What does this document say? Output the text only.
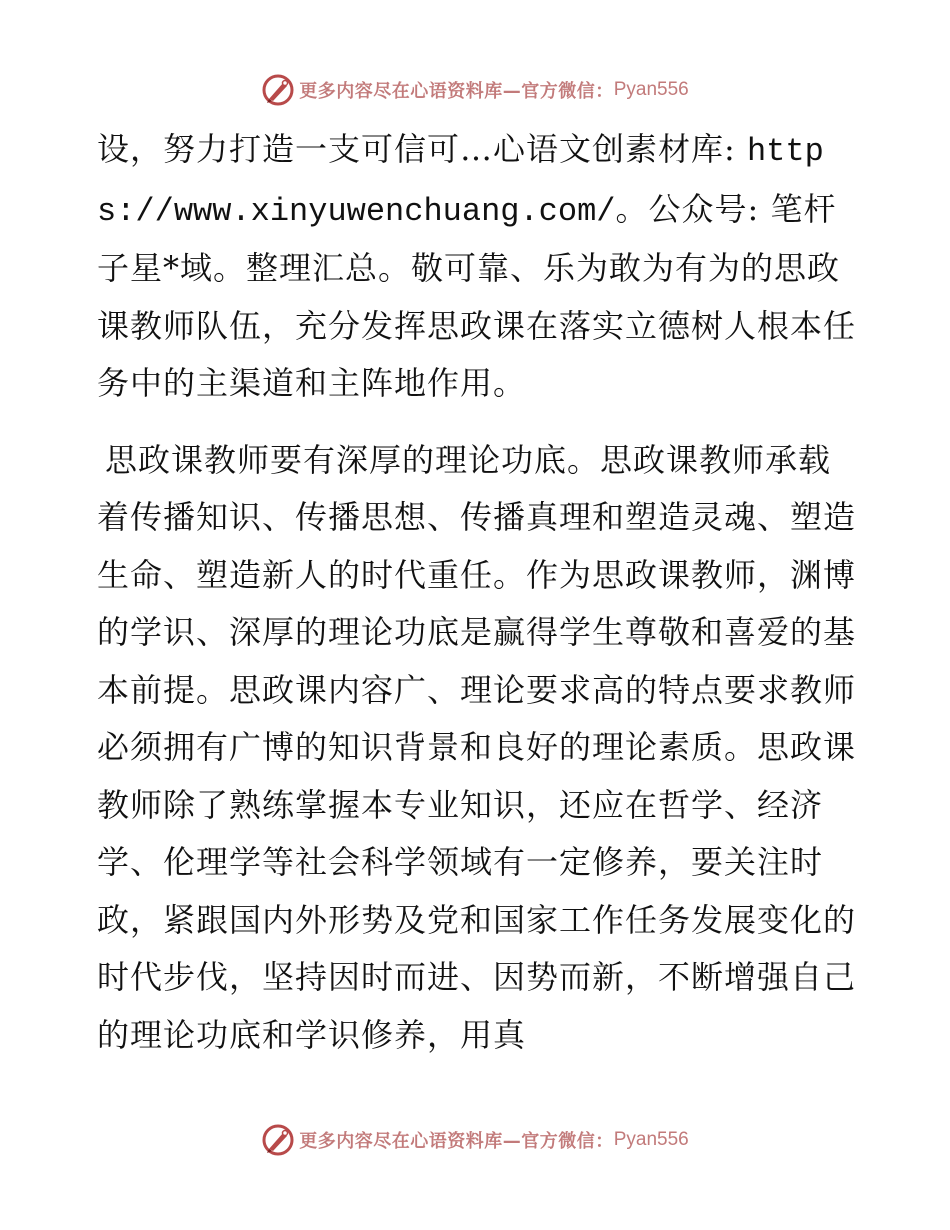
更多内容尽在心语资料库—官方微信： Pyan556

设，努力打造一支可信可…心语文创素材库: https://www.xinyuwenchuang.com/。公众号: 笔杆子星*域。整理汇总。敬可靠、乐为敢为有为的思政课教师队伍，充分发挥思政课在落实立德树人根本任务中的主渠道和主阵地作用。

思政课教师要有深厚的理论功底。思政课教师承载着传播知识、传播思想、传播真理和塑造灵魂、塑造生命、塑造新人的时代重任。作为思政课教师，渊博的学识、深厚的理论功底是赢得学生尊敬和喜爱的基本前提。思政课内容广、理论要求高的特点要求教师必须拥有广博的知识背景和良好的理论素质。思政课教师除了熟练掌握本专业知识，还应在哲学、经济学、伦理学等社会科学领域有一定修养，要关注时政，紧跟国内外形势及党和国家工作任务发展变化的时代步伐，坚持因时而进、因势而新，不断增强自己的理论功底和学识修养，用真

更多内容尽在心语资料库—官方微信： Pyan556
